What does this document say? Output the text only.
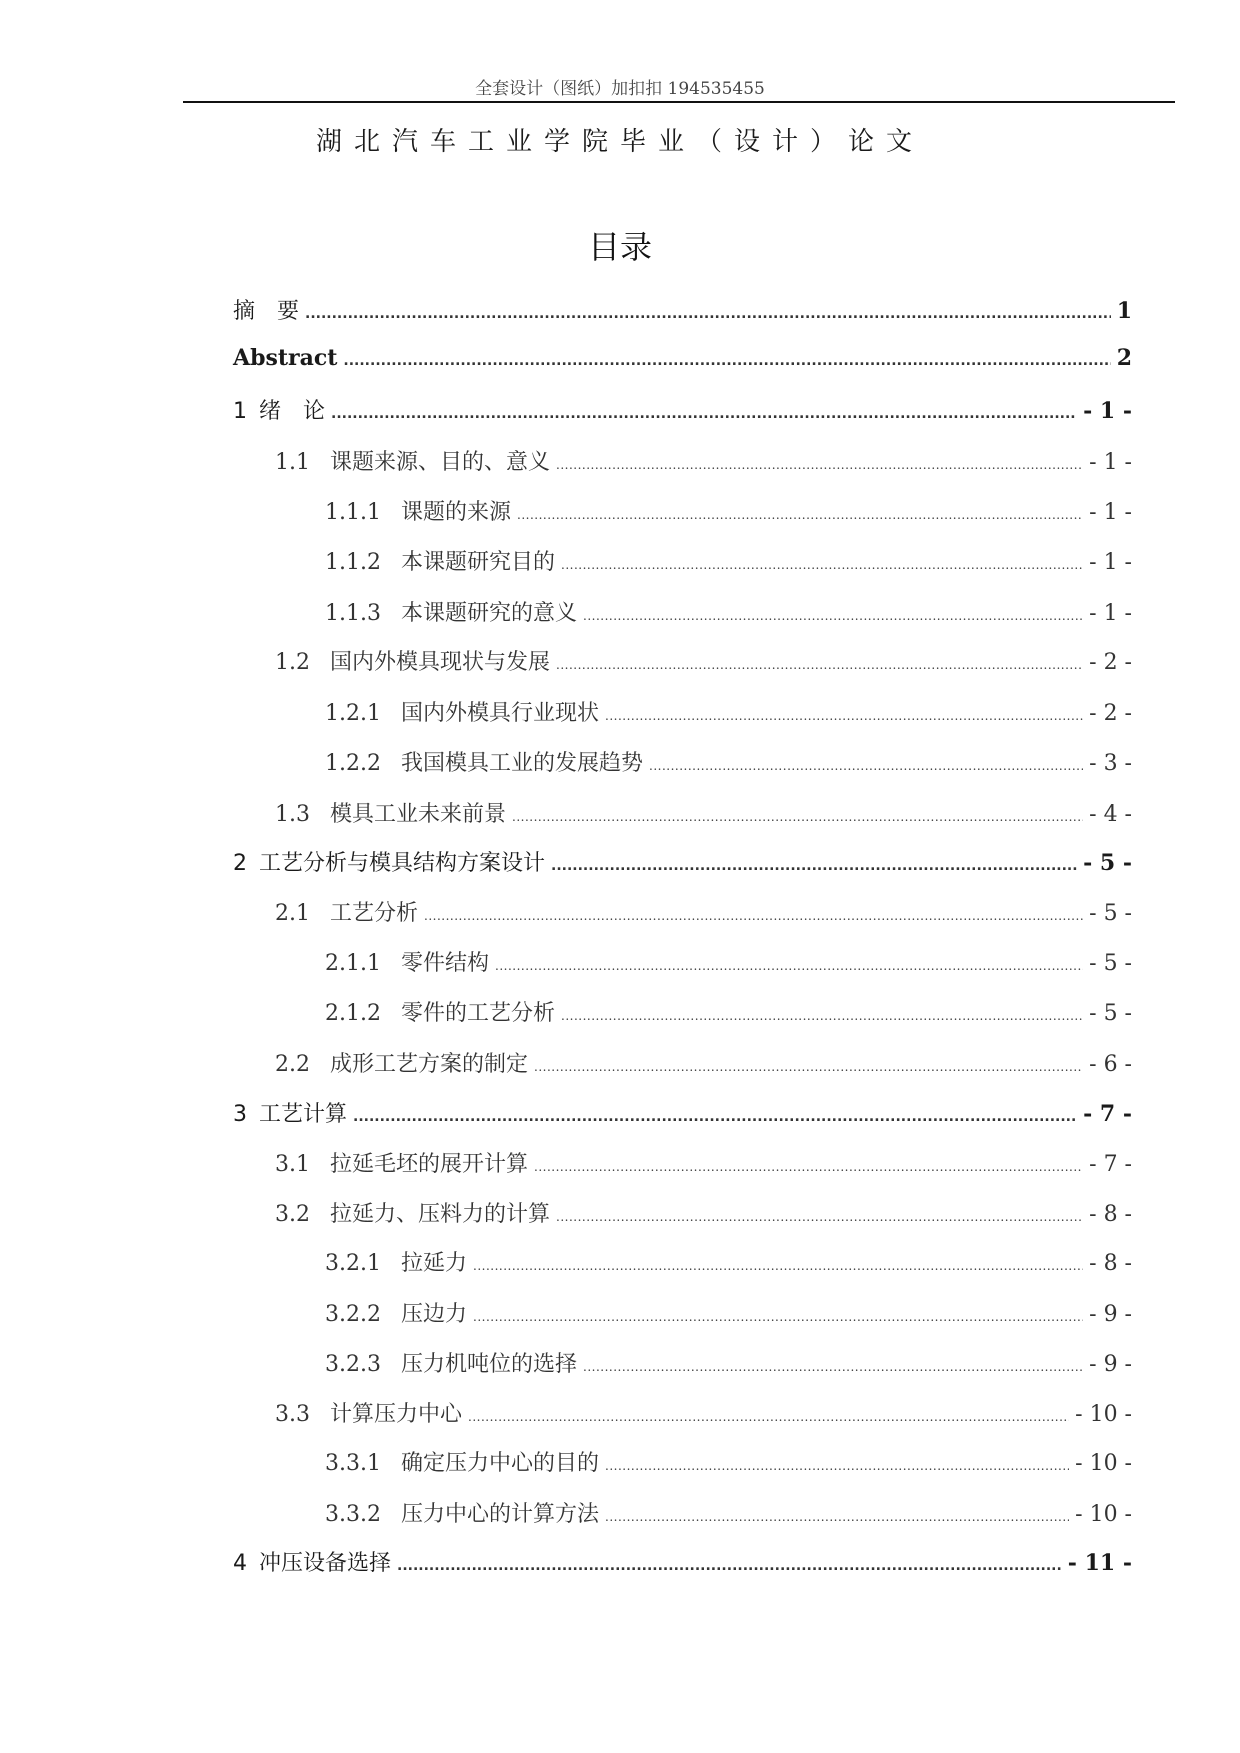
全套设计（图纸）加扣扣 194535455
湖北汽车工业学院毕业（设计）论文
目录
摘　要 .....	1
Abstract .....	2
1 绪　论 .....	- 1 -
1.1 课题来源、目的、意义 .....	- 1 -
1.1.1 课题的来源 .....	- 1 -
1.1.2 本课题研究目的 .....	- 1 -
1.1.3 本课题研究的意义 .....	- 1 -
1.2 国内外模具现状与发展 .....	- 2 -
1.2.1 国内外模具行业现状 .....	- 2 -
1.2.2 我国模具工业的发展趋势 .....	- 3 -
1.3 模具工业未来前景 .....	- 4 -
2 工艺分析与模具结构方案设计 .....	- 5 -
2.1 工艺分析 .....	- 5 -
2.1.1 零件结构 .....	- 5 -
2.1.2 零件的工艺分析 .....	- 5 -
2.2 成形工艺方案的制定 .....	- 6 -
3 工艺计算 .....	- 7 -
3.1 拉延毛坯的展开计算 .....	- 7 -
3.2 拉延力、压料力的计算 .....	- 8 -
3.2.1 拉延力 .....	- 8 -
3.2.2 压边力 .....	- 9 -
3.2.3 压力机吨位的选择 .....	- 9 -
3.3 计算压力中心 .....	- 10 -
3.3.1 确定压力中心的目的 .....	- 10 -
3.3.2 压力中心的计算方法 .....	- 10 -
4 冲压设备选择 .....	- 11 -
